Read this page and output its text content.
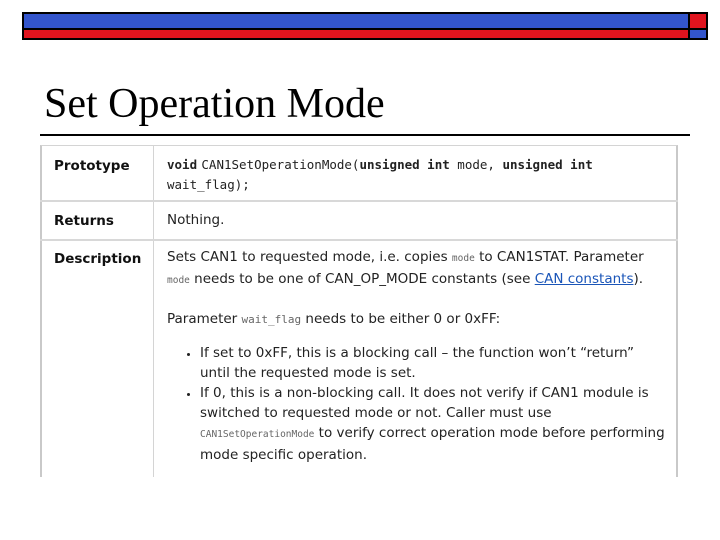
Set Operation Mode
Prototype	void CAN1SetOperationMode(unsigned int mode, unsigned int
wait_flag);
Returns	Nothing.
Description Sets CAN1 to requested mode, i.e. copies mode to CAN1STAT. Parameter mode needs to be one of CAN_OP_MODE constants (see CAN constants).
Parameter wait_flag needs to be either 0 or 0xFF:
• If set to 0xFF, this is a blocking call – the function won’t “return” until the requested mode is set.
• If 0, this is a non-blocking call. It does not verify if CAN1 module is switched to requested mode or not. Caller must use CAN1SetOperationMode to verify correct operation mode before performing mode specific operation.
